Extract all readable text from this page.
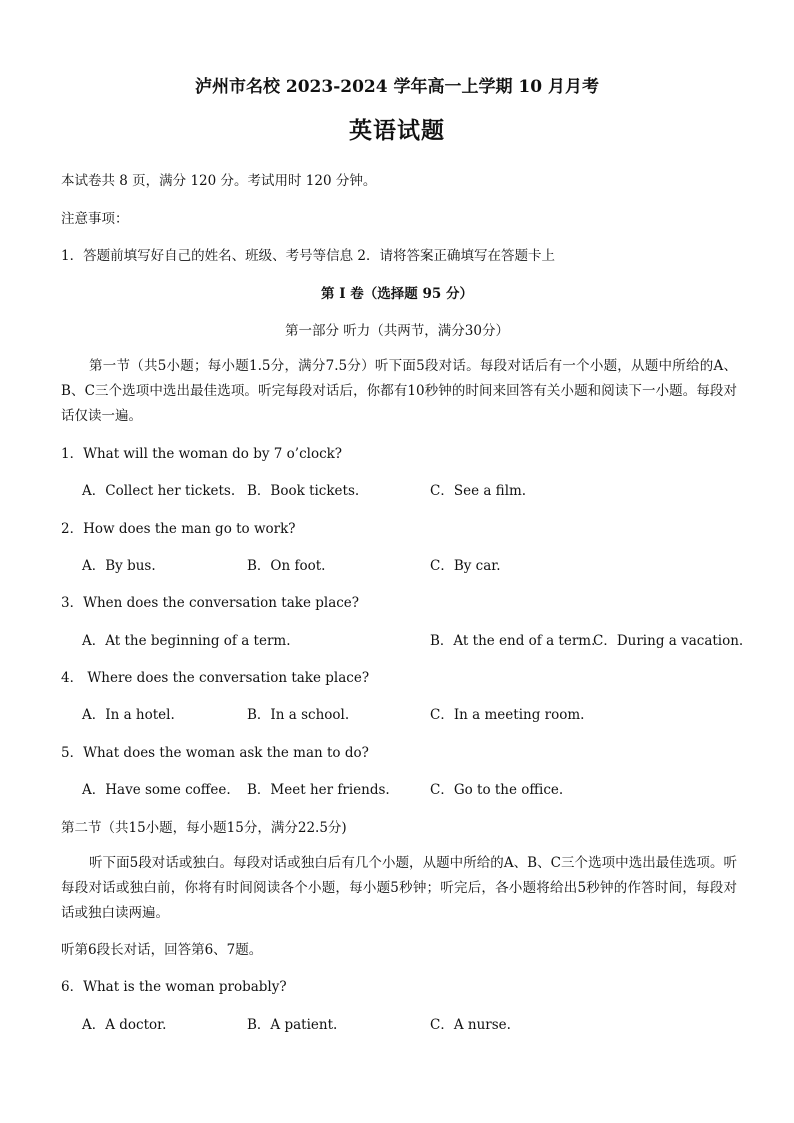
泸州市名校 2023-2024 学年高一上学期 10 月月考
英语试题
本试卷共 8 页，满分 120 分。考试用时 120 分钟。
注意事项：
1．答题前填写好自己的姓名、班级、考号等信息 2．请将答案正确填写在答题卡上
第 I 卷（选择题 95 分）
第一部分 听力（共两节，满分30分）
第一节（共5小题；每小题1.5分，满分7.5分）听下面5段对话。每段对话后有一个小题，从题中所给的A、B、C三个选项中选出最佳选项。听完每段对话后，你都有10秒钟的时间来回答有关小题和阅读下一小题。每段对话仅读一遍。
1．What will the woman do by 7 o’clock?
A．Collect her tickets. B．Book tickets.	C．See a film.
2．How does the man go to work?
A．By bus.	B．On foot.	C．By car.
3．When does the conversation take place?
A．At the beginning of a term.	B．At the end of a term.
C．During a vacation.
4． Where does the conversation take place?
A．In a hotel.	B．In a school.	C．In a meeting room.
5．What does the woman ask the man to do?
A．Have some coffee. B．Meet her friends.	C．Go to the office.
第二节（共15小题，每小题15分，满分22.5分)
听下面5段对话或独白。每段对话或独白后有几个小题，从题中所给的A、B、C三个选项中选出最佳选项。听每段对话或独白前，你将有时间阅读各个小题，每小题5秒钟；听完后，各小题将给出5秒钟的作答时间，每段对话或独白读两遍。
听第6段长对话，回答第6、7题。
6．What is the woman probably?
A．A doctor.	B．A patient.	C．A nurse.
